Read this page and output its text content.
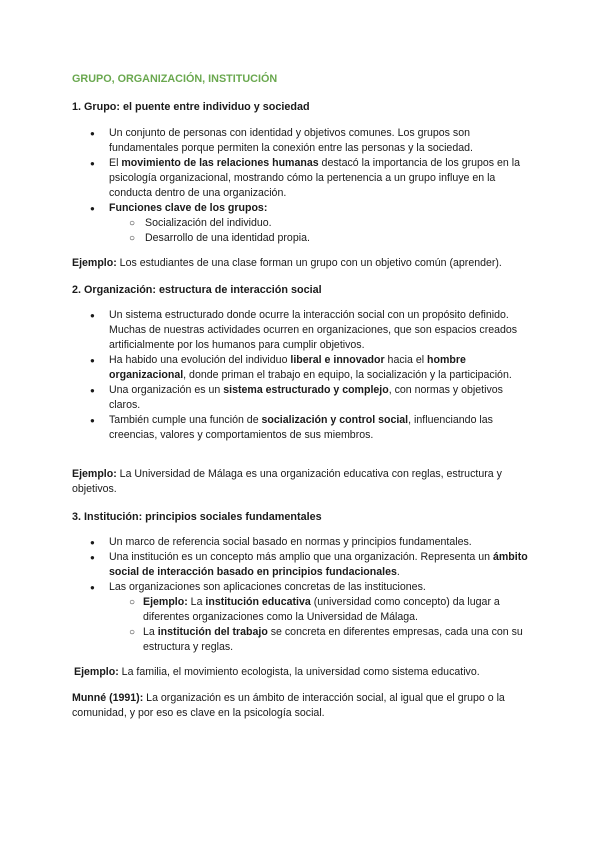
GRUPO, ORGANIZACIÓN, INSTITUCIÓN
1. Grupo: el puente entre individuo y sociedad
● Un conjunto de personas con identidad y objetivos comunes. Los grupos son fundamentales porque permiten la conexión entre las personas y la sociedad.
● El movimiento de las relaciones humanas destacó la importancia de los grupos en la psicología organizacional, mostrando cómo la pertenencia a un grupo influye en la conducta dentro de una organización.
● Funciones clave de los grupos:
○ Socialización del individuo.
○ Desarrollo de una identidad propia.
Ejemplo: Los estudiantes de una clase forman un grupo con un objetivo común (aprender).
2. Organización: estructura de interacción social
● Un sistema estructurado donde ocurre la interacción social con un propósito definido. Muchas de nuestras actividades ocurren en organizaciones, que son espacios creados artificialmente por los humanos para cumplir objetivos.
● Ha habido una evolución del individuo liberal e innovador hacia el hombre organizacional, donde priman el trabajo en equipo, la socialización y la participación.
● Una organización es un sistema estructurado y complejo, con normas y objetivos claros.
● También cumple una función de socialización y control social, influenciando las creencias, valores y comportamientos de sus miembros.
Ejemplo: La Universidad de Málaga es una organización educativa con reglas, estructura y objetivos.
3. Institución: principios sociales fundamentales
● Un marco de referencia social basado en normas y principios fundamentales.
● Una institución es un concepto más amplio que una organización. Representa un ámbito social de interacción basado en principios fundacionales.
● Las organizaciones son aplicaciones concretas de las instituciones.
○ Ejemplo: La institución educativa (universidad como concepto) da lugar a diferentes organizaciones como la Universidad de Málaga.
○ La institución del trabajo se concreta en diferentes empresas, cada una con su estructura y reglas.
Ejemplo: La familia, el movimiento ecologista, la universidad como sistema educativo.
Munné (1991): La organización es un ámbito de interacción social, al igual que el grupo o la comunidad, y por eso es clave en la psicología social.
